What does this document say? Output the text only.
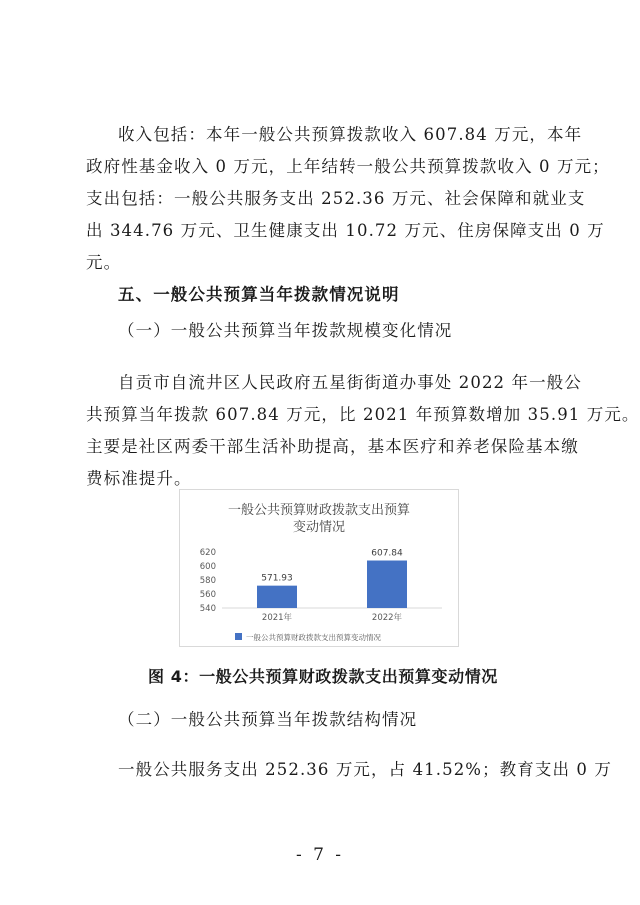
收入包括：本年一般公共预算拨款收入 607.84 万元，本年
政府性基金收入 0 万元，上年结转一般公共预算拨款收入 0 万元；
支出包括：一般公共服务支出 252.36 万元、社会保障和就业支
出 344.76 万元、卫生健康支出 10.72 万元、住房保障支出 0 万
元。
五、一般公共预算当年拨款情况说明
（一）一般公共预算当年拨款规模变化情况
自贡市自流井区人民政府五星街街道办事处 2022 年一般公
共预算当年拨款 607.84 万元，比 2021 年预算数增加 35.91 万元。
主要是社区两委干部生活补助提高，基本医疗和养老保险基本缴
费标准提升。
一般公共预算财政拨款支出预算
变动情况
540
560
580
600
620
571.93
2021年
607.84
2022年
一般公共预算财政拨款支出预算变动情况
图 4：一般公共预算财政拨款支出预算变动情况
（二）一般公共预算当年拨款结构情况
一般公共服务支出 252.36 万元，占 41.52%；教育支出 0 万
- 7 -
